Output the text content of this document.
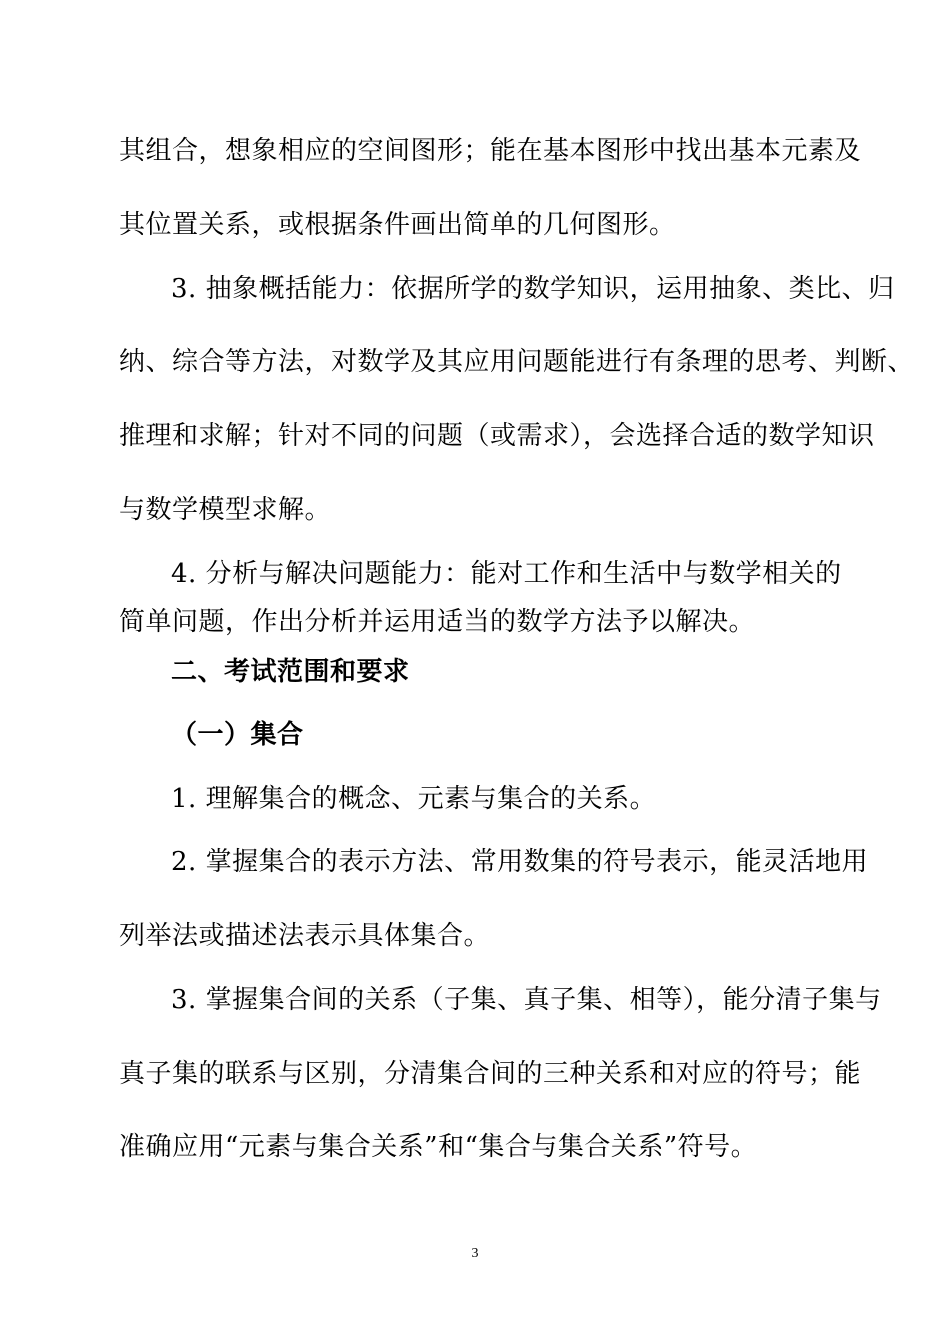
其组合，想象相应的空间图形；能在基本图形中找出基本元素及
其位置关系，或根据条件画出简单的几何图形。
3. 抽象概括能力：依据所学的数学知识，运用抽象、类比、归
纳、综合等方法，对数学及其应用问题能进行有条理的思考、判断、
推理和求解；针对不同的问题（或需求），会选择合适的数学知识
与数学模型求解。
4. 分析与解决问题能力：能对工作和生活中与数学相关的
简单问题，作出分析并运用适当的数学方法予以解决。
二、考试范围和要求
（一）集合
1. 理解集合的概念、元素与集合的关系。
2. 掌握集合的表示方法、常用数集的符号表示，能灵活地用
列举法或描述法表示具体集合。
3. 掌握集合间的关系（子集、真子集、相等），能分清子集与
真子集的联系与区别，分清集合间的三种关系和对应的符号；能
准确应用“元素与集合关系”和“集合与集合关系”符号。
3
